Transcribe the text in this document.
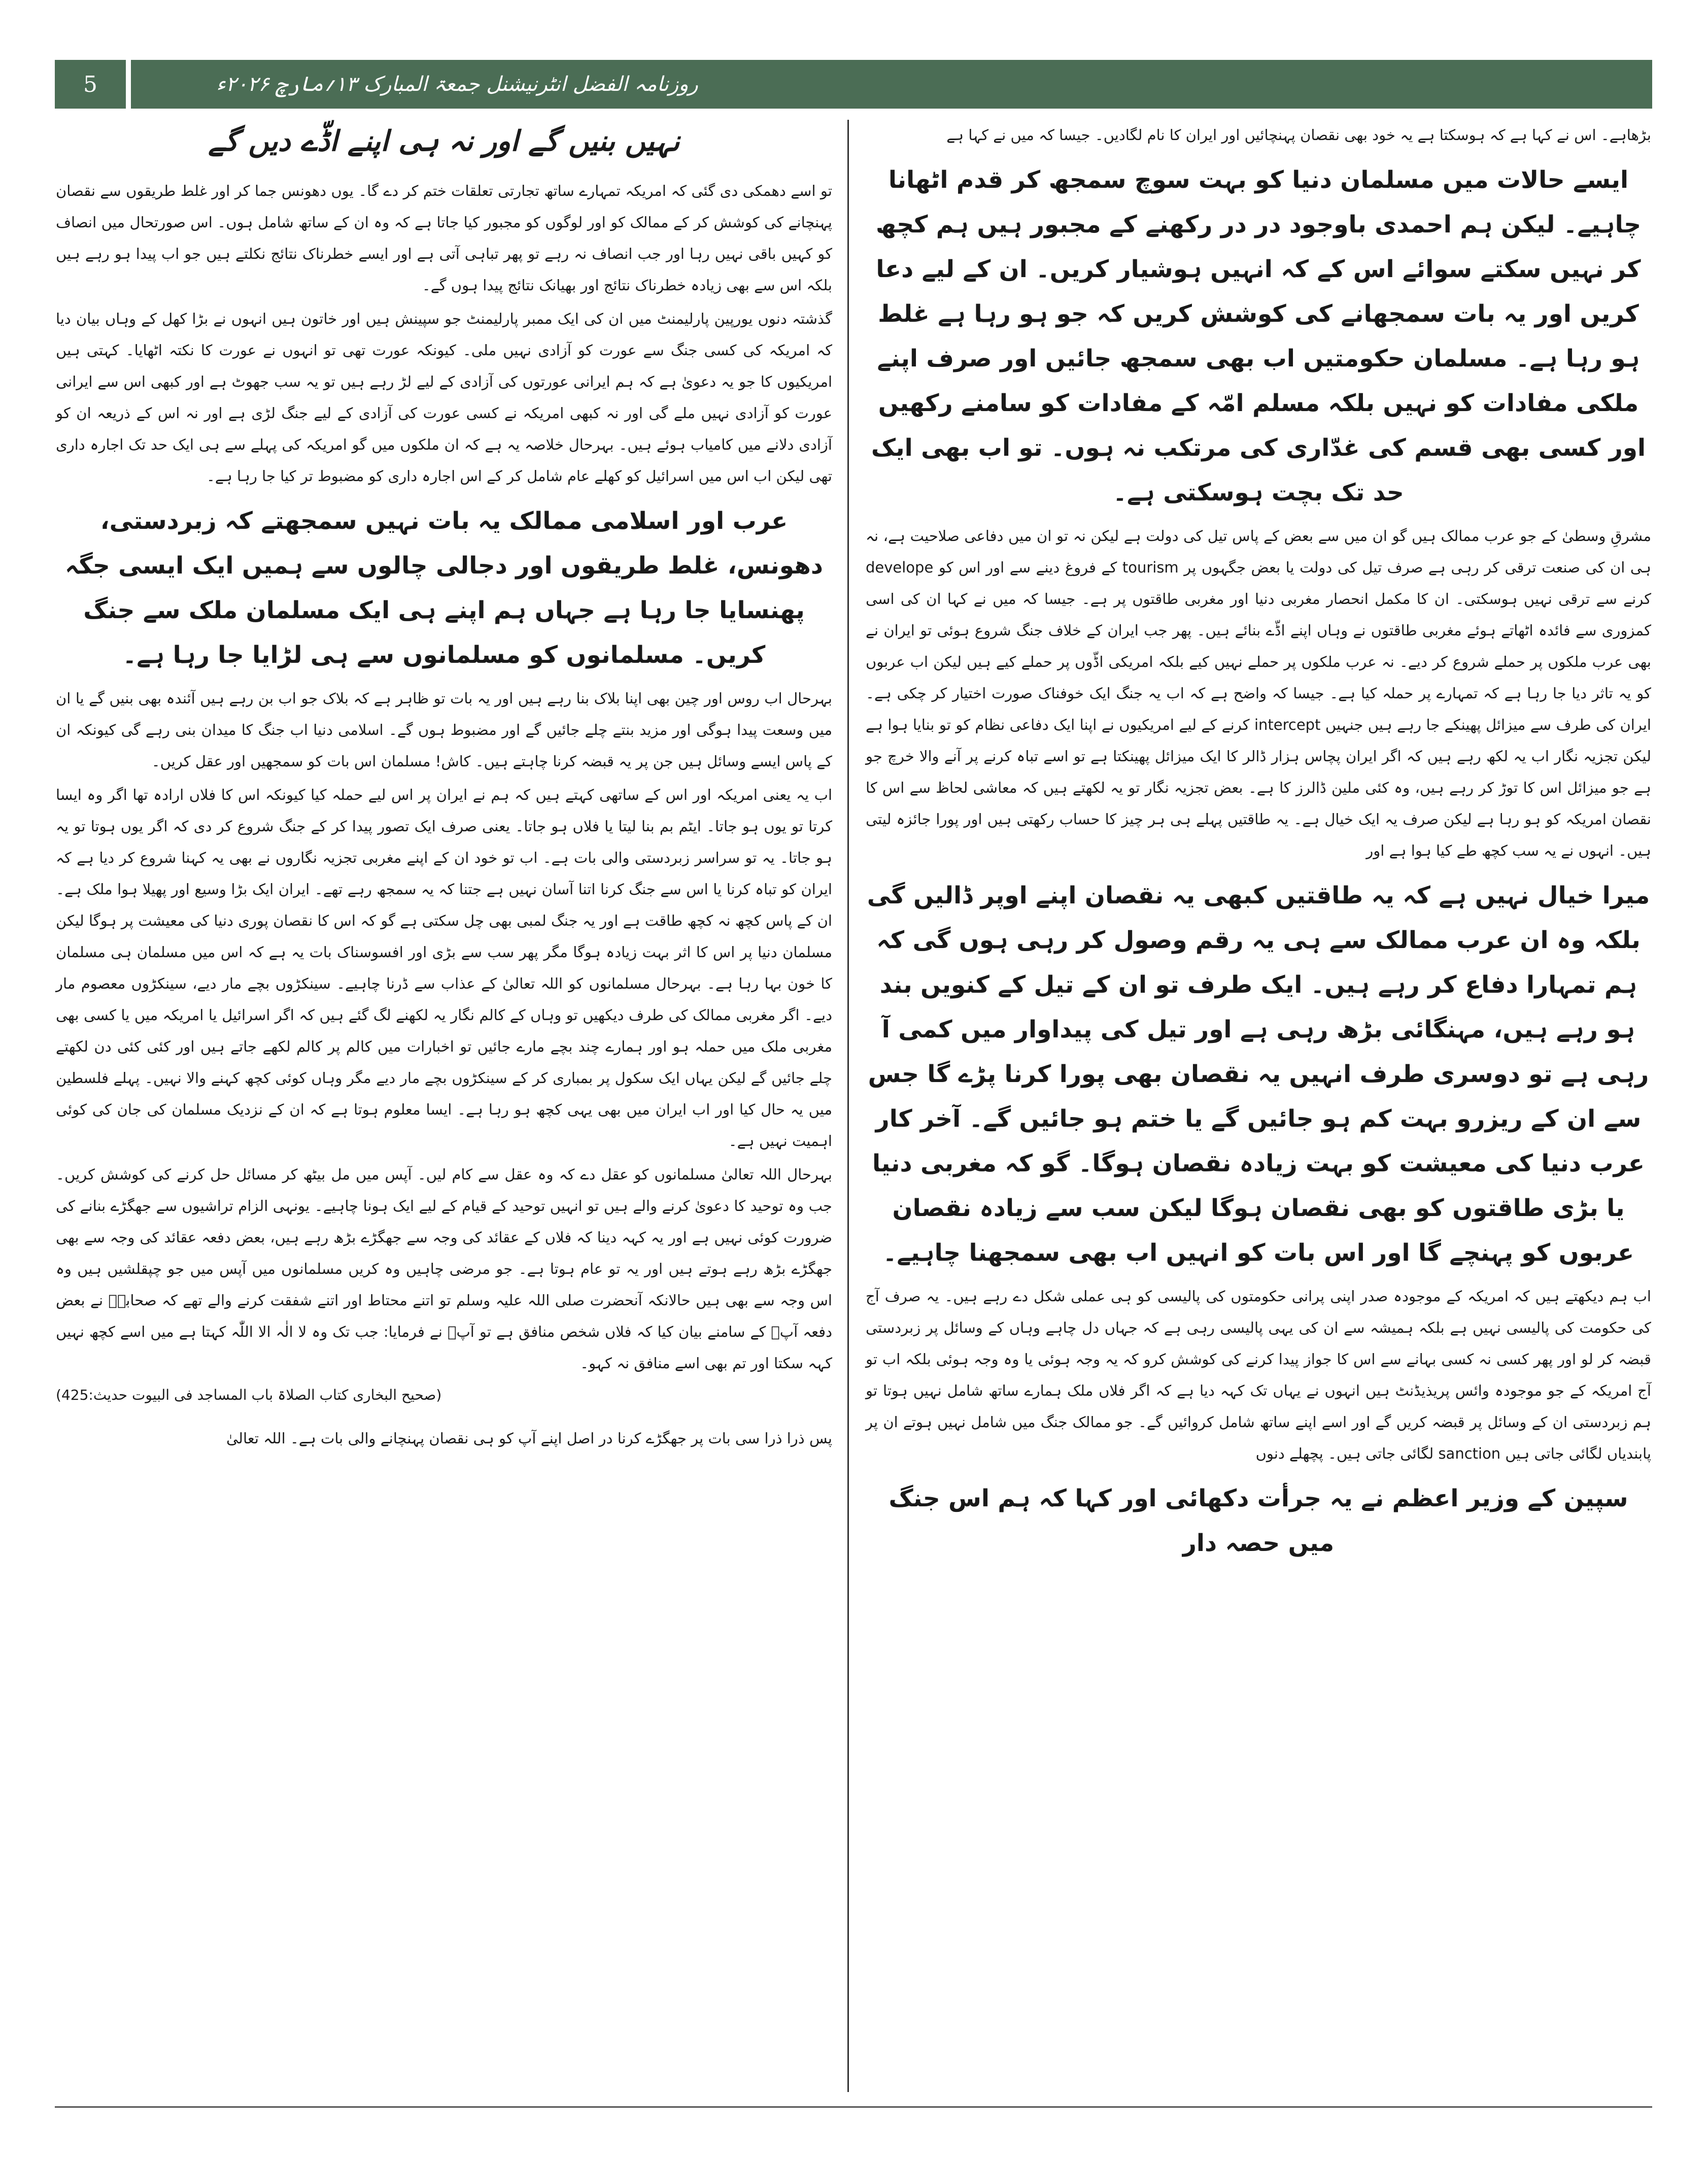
5	روزنامہ الفضل انٹرنیشنل جمعۃ المبارک ۱۳؍مارچ ۲۰۲۶ء

بڑھاہے۔ اس نے کہا ہے کہ ہوسکتا ہے یہ خود بھی نقصان پہنچائیں اور ایران کا نام لگادیں۔ جیسا کہ میں نے کہا ہے

ایسے حالات میں مسلمان دنیا کو بہت سوچ سمجھ کر قدم اٹھانا چاہیے۔ لیکن ہم احمدی باوجود در در رکھنے کے مجبور ہیں ہم کچھ کر نہیں سکتے سوائے اس کے کہ انہیں ہوشیار کریں۔ ان کے لیے دعا کریں اور یہ بات سمجھانے کی کوشش کریں کہ جو ہو رہا ہے غلط ہو رہا ہے۔ مسلمان حکومتیں اب بھی سمجھ جائیں اور صرف اپنے ملکی مفادات کو نہیں بلکہ مسلم امّہ کے مفادات کو سامنے رکھیں اور کسی بھی قسم کی غدّاری کی مرتکب نہ ہوں۔ تو اب بھی ایک حد تک بچت ہوسکتی ہے۔

مشرقِ وسطیٰ کے جو عرب ممالک ہیں گو ان میں سے بعض کے پاس تیل کی دولت ہے لیکن نہ تو ان میں دفاعی صلاحیت ہے، نہ ہی ان کی صنعت ترقی کر رہی ہے صرف تیل کی دولت یا بعض جگہوں پر tourism کے فروغ دینے سے اور اس کو develope کرنے سے ترقی نہیں ہوسکتی۔ ان کا مکمل انحصار مغربی دنیا اور مغربی طاقتوں پر ہے۔ جیسا کہ میں نے کہا ان کی اسی کمزوری سے فائدہ اٹھاتے ہوئے مغربی طاقتوں نے وہاں اپنے اڈّے بنائے ہیں۔ پھر جب ایران کے خلاف جنگ شروع ہوئی تو ایران نے بھی عرب ملکوں پر حملے شروع کر دیے۔ نہ عرب ملکوں پر حملے نہیں کیے بلکہ امریکی اڈّوں پر حملے کیے ہیں لیکن اب عربوں کو یہ تاثر دیا جا رہا ہے کہ تمہارے پر حملہ کیا ہے۔ جیسا کہ واضح ہے کہ اب یہ جنگ ایک خوفناک صورت اختیار کر چکی ہے۔ ایران کی طرف سے میزائل پھینکے جا رہے ہیں جنہیں intercept کرنے کے لیے امریکیوں نے اپنا ایک دفاعی نظام کو تو بنایا ہوا ہے لیکن تجزیہ نگار اب یہ لکھ رہے ہیں کہ اگر ایران پچاس ہزار ڈالر کا ایک میزائل پھینکتا ہے تو اسے تباہ کرنے پر آنے والا خرچ جو ہے جو میزائل اس کا توڑ کر رہے ہیں، وہ کئی ملین ڈالرز کا ہے۔ بعض تجزیہ نگار تو یہ لکھتے ہیں کہ معاشی لحاظ سے اس کا نقصان امریکہ کو ہو رہا ہے لیکن صرف یہ ایک خیال ہے۔ یہ طاقتیں پہلے ہی ہر چیز کا حساب رکھتی ہیں اور پورا جائزہ لیتی ہیں۔ انہوں نے یہ سب کچھ طے کیا ہوا ہے اور

میرا خیال نہیں ہے کہ یہ طاقتیں کبھی یہ نقصان اپنے اوپر ڈالیں گی بلکہ وہ ان عرب ممالک سے ہی یہ رقم وصول کر رہی ہوں گی کہ ہم تمہارا دفاع کر رہے ہیں۔ ایک طرف تو ان کے تیل کے کنویں بند ہو رہے ہیں، مہنگائی بڑھ رہی ہے اور تیل کی پیداوار میں کمی آ رہی ہے تو دوسری طرف انہیں یہ نقصان بھی پورا کرنا پڑے گا جس سے ان کے ریزرو بہت کم ہو جائیں گے یا ختم ہو جائیں گے۔ آخر کار عرب دنیا کی معیشت کو بہت زیادہ نقصان ہوگا۔ گو کہ مغربی دنیا یا بڑی طاقتوں کو بھی نقصان ہوگا لیکن سب سے زیادہ نقصان عربوں کو پہنچے گا اور اس بات کو انہیں اب بھی سمجھنا چاہیے۔

اب ہم دیکھتے ہیں کہ امریکہ کے موجودہ صدر اپنی پرانی حکومتوں کی پالیسی کو ہی عملی شکل دے رہے ہیں۔ یہ صرف آج کی حکومت کی پالیسی نہیں ہے بلکہ ہمیشہ سے ان کی یہی پالیسی رہی ہے کہ جہاں دل چاہے وہاں کے وسائل پر زبردستی قبضہ کر لو اور پھر کسی نہ کسی بہانے سے اس کا جواز پیدا کرنے کی کوشش کرو کہ یہ وجہ ہوئی یا وہ وجہ ہوئی بلکہ اب تو آج امریکہ کے جو موجودہ وائس پریذیڈنٹ ہیں انہوں نے یہاں تک کہہ دیا ہے کہ اگر فلاں ملک ہمارے ساتھ شامل نہیں ہوتا تو ہم زبردستی ان کے وسائل پر قبضہ کریں گے اور اسے اپنے ساتھ شامل کروائیں گے۔ جو ممالک جنگ میں شامل نہیں ہوتے ان پر پابندیاں لگائی جاتی ہیں sanction لگائی جاتی ہیں۔ پچھلے دنوں

سپین کے وزیر اعظم نے یہ جرأت دکھائی اور کہا کہ ہم اس جنگ میں حصہ دار

نہیں بنیں گے اور نہ ہی اپنے اڈّے دیں گے

تو اسے دھمکی دی گئی کہ امریکہ تمہارے ساتھ تجارتی تعلقات ختم کر دے گا۔ یوں دھونس جما کر اور غلط طریقوں سے نقصان پہنچانے کی کوشش کر کے ممالک کو اور لوگوں کو مجبور کیا جاتا ہے کہ وہ ان کے ساتھ شامل ہوں۔ اس صورتحال میں انصاف کو کہیں باقی نہیں رہا اور جب انصاف نہ رہے تو پھر تباہی آتی ہے اور ایسے خطرناک نتائج نکلتے ہیں جو اب پیدا ہو رہے ہیں بلکہ اس سے بھی زیادہ خطرناک نتائج اور بھیانک نتائج پیدا ہوں گے۔

گذشتہ دنوں یورپین پارلیمنٹ میں ان کی ایک ممبر پارلیمنٹ جو سپینش ہیں اور خاتون ہیں انہوں نے بڑا کھل کے وہاں بیان دیا کہ امریکہ کی کسی جنگ سے عورت کو آزادی نہیں ملی۔ کیونکہ عورت تھی تو انہوں نے عورت کا نکتہ اٹھایا۔ کہتی ہیں امریکیوں کا جو یہ دعویٰ ہے کہ ہم ایرانی عورتوں کی آزادی کے لیے لڑ رہے ہیں تو یہ سب جھوٹ ہے اور کبھی اس سے ایرانی عورت کو آزادی نہیں ملے گی اور نہ کبھی امریکہ نے کسی عورت کی آزادی کے لیے جنگ لڑی ہے اور نہ اس کے ذریعہ ان کو آزادی دلانے میں کامیاب ہوئے ہیں۔ بہرحال خلاصہ یہ ہے کہ ان ملکوں میں گو امریکہ کی پہلے سے ہی ایک حد تک اجارہ داری تھی لیکن اب اس میں اسرائیل کو کھلے عام شامل کر کے اس اجارہ داری کو مضبوط تر کیا جا رہا ہے۔

عرب اور اسلامی ممالک یہ بات نہیں سمجھتے کہ زبردستی، دھونس، غلط طریقوں اور دجالی چالوں سے ہمیں ایک ایسی جگہ پھنسایا جا رہا ہے جہاں ہم اپنے ہی ایک مسلمان ملک سے جنگ کریں۔ مسلمانوں کو مسلمانوں سے ہی لڑایا جا رہا ہے۔

بہرحال اب روس اور چین بھی اپنا بلاک بنا رہے ہیں اور یہ بات تو ظاہر ہے کہ بلاک جو اب بن رہے ہیں آئندہ بھی بنیں گے یا ان میں وسعت پیدا ہوگی اور مزید بنتے چلے جائیں گے اور مضبوط ہوں گے۔ اسلامی دنیا اب جنگ کا میدان بنی رہے گی کیونکہ ان کے پاس ایسے وسائل ہیں جن پر یہ قبضہ کرنا چاہتے ہیں۔ کاش! مسلمان اس بات کو سمجھیں اور عقل کریں۔

اب یہ یعنی امریکہ اور اس کے ساتھی کہتے ہیں کہ ہم نے ایران پر اس لیے حملہ کیا کیونکہ اس کا فلاں ارادہ تھا اگر وہ ایسا کرتا تو یوں ہو جاتا۔ ایٹم بم بنا لیتا یا فلاں ہو جاتا۔ یعنی صرف ایک تصور پیدا کر کے جنگ شروع کر دی کہ اگر یوں ہوتا تو یہ ہو جاتا۔ یہ تو سراسر زبردستی والی بات ہے۔ اب تو خود ان کے اپنے مغربی تجزیہ نگاروں نے بھی یہ کہنا شروع کر دیا ہے کہ ایران کو تباہ کرنا یا اس سے جنگ کرنا اتنا آسان نہیں ہے جتنا کہ یہ سمجھ رہے تھے۔ ایران ایک بڑا وسیع اور پھیلا ہوا ملک ہے۔ ان کے پاس کچھ نہ کچھ طاقت ہے اور یہ جنگ لمبی بھی چل سکتی ہے گو کہ اس کا نقصان پوری دنیا کی معیشت پر ہوگا لیکن مسلمان دنیا پر اس کا اثر بہت زیادہ ہوگا مگر پھر سب سے بڑی اور افسوسناک بات یہ ہے کہ اس میں مسلمان ہی مسلمان کا خون بہا رہا ہے۔ بہرحال مسلمانوں کو اللہ تعالیٰ کے عذاب سے ڈرنا چاہیے۔ سینکڑوں بچے مار دیے، سینکڑوں معصوم مار دیے۔ اگر مغربی ممالک کی طرف دیکھیں تو وہاں کے کالم نگار یہ لکھنے لگ گئے ہیں کہ اگر اسرائیل یا امریکہ میں یا کسی بھی مغربی ملک میں حملہ ہو اور ہمارے چند بچے مارے جائیں تو اخبارات میں کالم پر کالم لکھے جاتے ہیں اور کئی کئی دن لکھتے چلے جائیں گے لیکن یہاں ایک سکول پر بمباری کر کے سینکڑوں بچے مار دیے مگر وہاں کوئی کچھ کہنے والا نہیں۔ پہلے فلسطین میں یہ حال کیا اور اب ایران میں بھی یہی کچھ ہو رہا ہے۔ ایسا معلوم ہوتا ہے کہ ان کے نزدیک مسلمان کی جان کی کوئی اہمیت نہیں ہے۔

بہرحال اللہ تعالیٰ مسلمانوں کو عقل دے کہ وہ عقل سے کام لیں۔ آپس میں مل بیٹھ کر مسائل حل کرنے کی کوشش کریں۔ جب وہ توحید کا دعویٰ کرنے والے ہیں تو انہیں توحید کے قیام کے لیے ایک ہونا چاہیے۔ یونہی الزام تراشیوں سے جھگڑے بنانے کی ضرورت کوئی نہیں ہے اور یہ کہہ دینا کہ فلاں کے عقائد کی وجہ سے جھگڑے بڑھ رہے ہیں، بعض دفعہ عقائد کی وجہ سے بھی جھگڑے بڑھ رہے ہوتے ہیں اور یہ تو عام ہوتا ہے۔ جو مرضی چاہیں وہ کریں مسلمانوں میں آپس میں جو چپقلشیں ہیں وہ اس وجہ سے بھی ہیں حالانکہ آنحضرت صلی اللہ علیہ وسلم تو اتنے محتاط اور اتنے شفقت کرنے والے تھے کہ صحابہؓ نے بعض دفعہ آپؐ کے سامنے بیان کیا کہ فلاں شخص منافق ہے تو آپؐ نے فرمایا: جب تک وہ لا الٰہ الا اللّٰہ کہتا ہے میں اسے کچھ نہیں کہہ سکتا اور تم بھی اسے منافق نہ کہو۔

(صحیح البخاری کتاب الصلاۃ باب المساجد فی البیوت حدیث:425)

پس ذرا ذرا سی بات پر جھگڑے کرنا در اصل اپنے آپ کو ہی نقصان پہنچانے والی بات ہے۔ اللہ تعالیٰ
